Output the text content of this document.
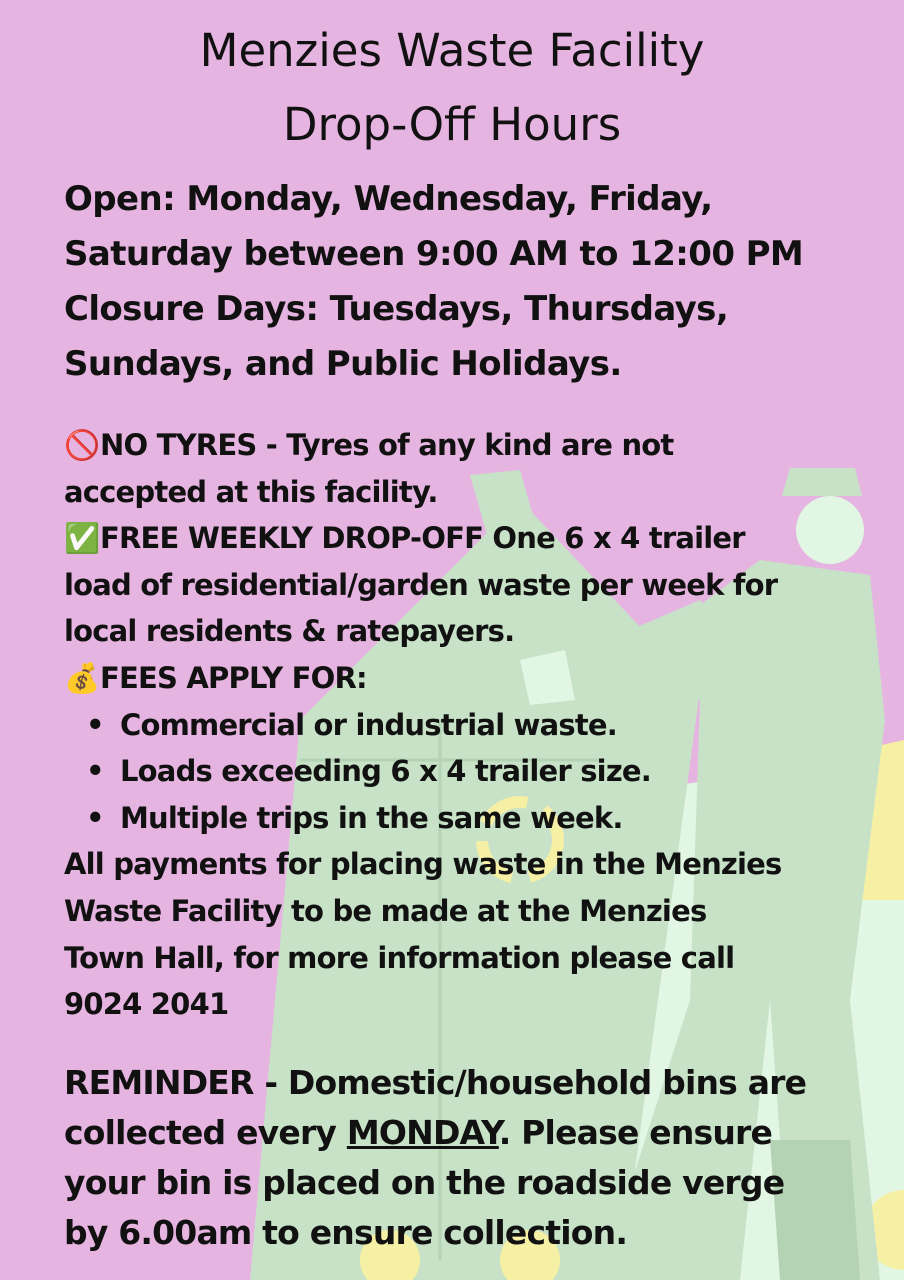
Menzies Waste Facility
Drop-Off Hours
Open: Monday, Wednesday, Friday,
Saturday between 9:00 AM to 12:00 PM
Closure Days: Tuesdays, Thursdays,
Sundays, and Public Holidays.
🚫NO TYRES - Tyres of any kind are not
accepted at this facility.
✅FREE WEEKLY DROP-OFF One 6 x 4 trailer
load of residential/garden waste per week for
local residents & ratepayers.
💰FEES APPLY FOR:
• Commercial or industrial waste.
• Loads exceeding 6 x 4 trailer size.
• Multiple trips in the same week.
All payments for placing waste in the Menzies
Waste Facility to be made at the Menzies
Town Hall, for more information please call
9024 2041
REMINDER - Domestic/household bins are
collected every MONDAY. Please ensure
your bin is placed on the roadside verge
by 6.00am to ensure collection.
